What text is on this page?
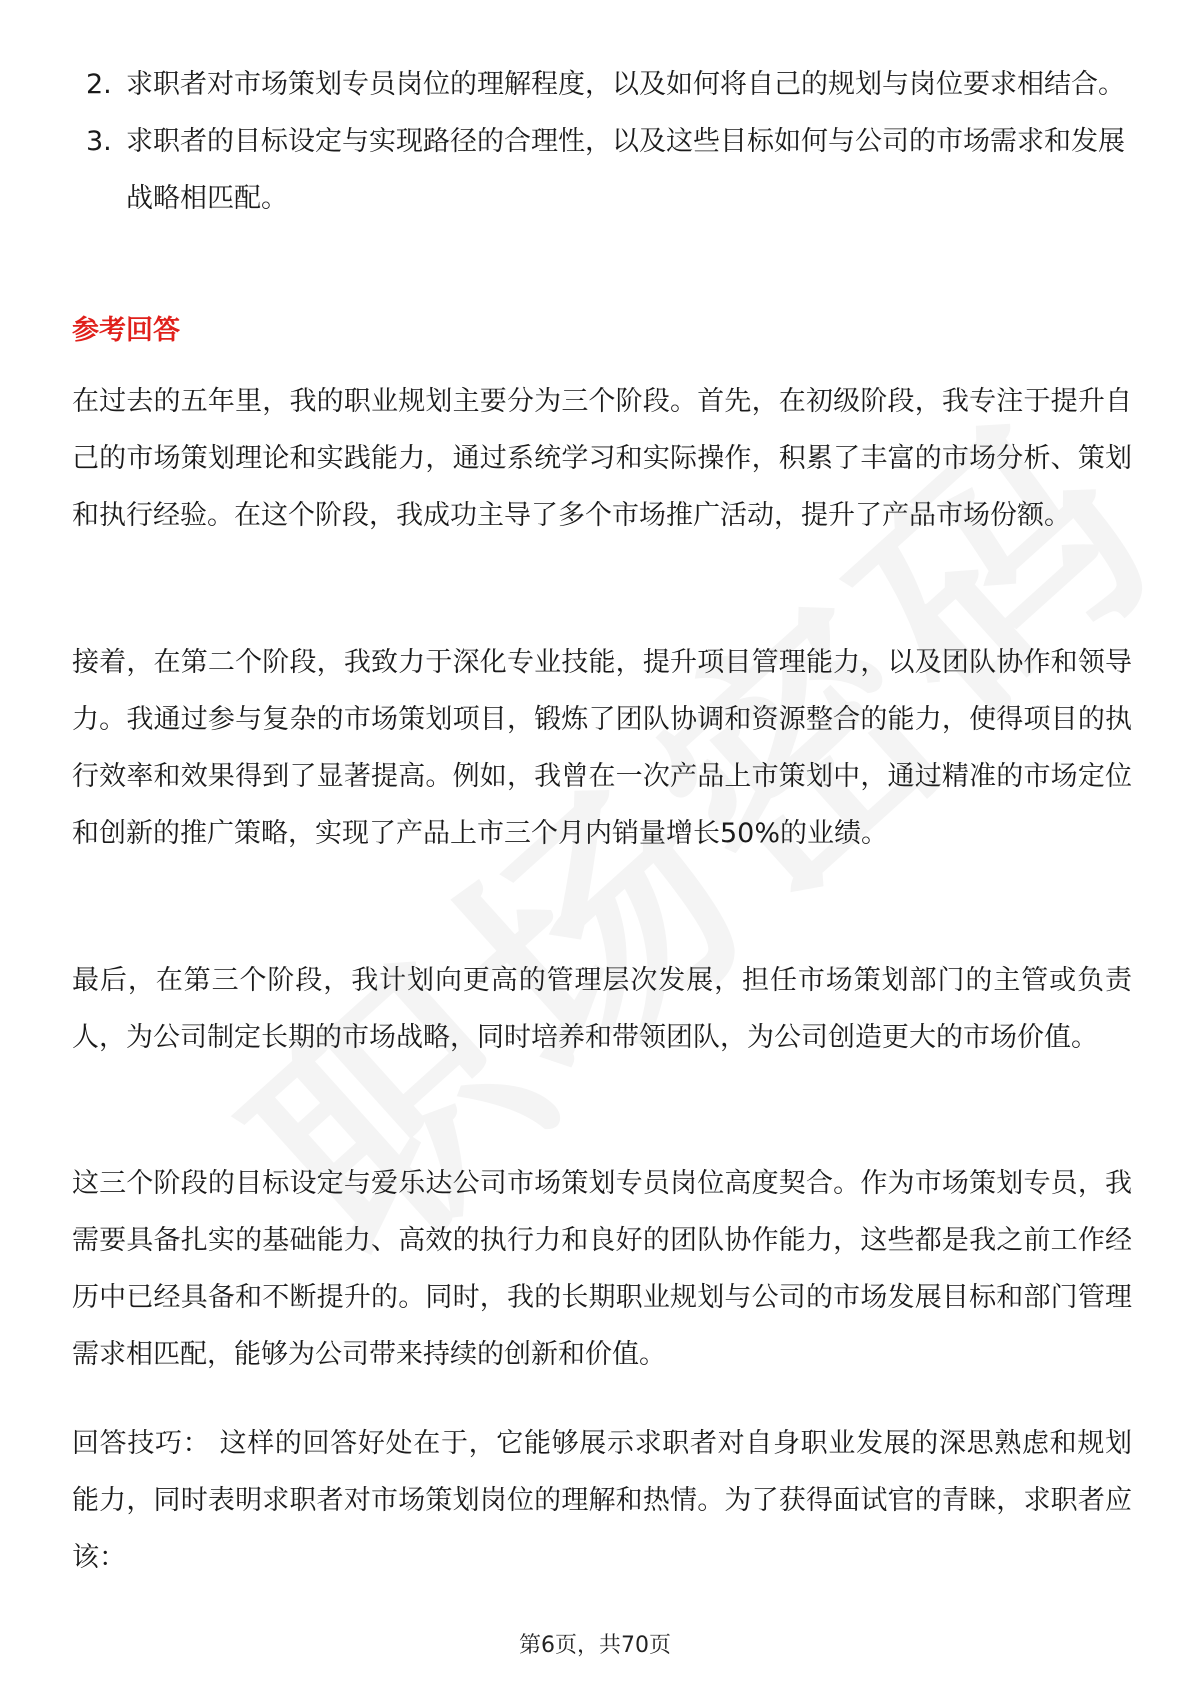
2. 求职者对市场策划专员岗位的理解程度，以及如何将自己的规划与岗位要求相结合。
3. 求职者的目标设定与实现路径的合理性，以及这些目标如何与公司的市场需求和发展战略相匹配。
参考回答
在过去的五年里，我的职业规划主要分为三个阶段。首先，在初级阶段，我专注于提升自己的市场策划理论和实践能力，通过系统学习和实际操作，积累了丰富的市场分析、策划和执行经验。在这个阶段，我成功主导了多个市场推广活动，提升了产品市场份额。
接着，在第二个阶段，我致力于深化专业技能，提升项目管理能力，以及团队协作和领导力。我通过参与复杂的市场策划项目，锻炼了团队协调和资源整合的能力，使得项目的执行效率和效果得到了显著提高。例如，我曾在一次产品上市策划中，通过精准的市场定位和创新的推广策略，实现了产品上市三个月内销量增长50%的业绩。
最后，在第三个阶段，我计划向更高的管理层次发展，担任市场策划部门的主管或负责人，为公司制定长期的市场战略，同时培养和带领团队，为公司创造更大的市场价值。
这三个阶段的目标设定与爱乐达公司市场策划专员岗位高度契合。作为市场策划专员，我需要具备扎实的基础能力、高效的执行力和良好的团队协作能力，这些都是我之前工作经历中已经具备和不断提升的。同时，我的长期职业规划与公司的市场发展目标和部门管理需求相匹配，能够为公司带来持续的创新和价值。
回答技巧： 这样的回答好处在于，它能够展示求职者对自身职业发展的深思熟虑和规划能力，同时表明求职者对市场策划岗位的理解和热情。为了获得面试官的青睐，求职者应该：
第6页，共70页
